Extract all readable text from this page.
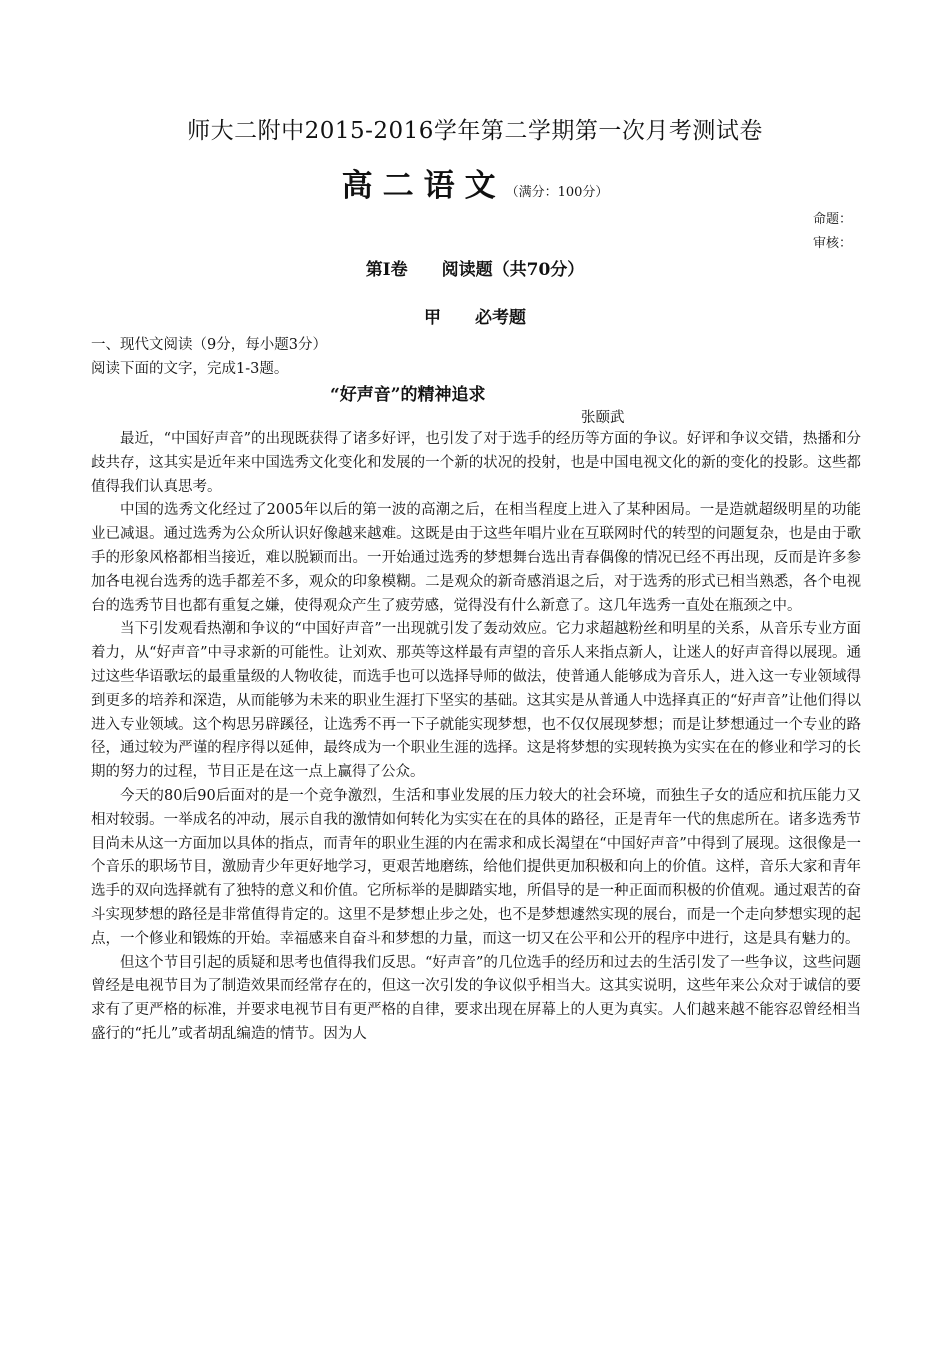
师大二附中2015-2016学年第二学期第一次月考测试卷
高二语文（满分：100分）
命题：
审核：
第Ⅰ卷　　阅读题（共70分）
甲　　必考题
一、现代文阅读（9分，每小题3分）
阅读下面的文字，完成1-3题。
“好声音”的精神追求
张颐武

最近，“中国好声音”的出现既获得了诸多好评，也引发了对于选手的经历等方面的争议。好评和争议交错，热播和分歧共存，这其实是近年来中国选秀文化变化和发展的一个新的状况的投射，也是中国电视文化的新的变化的投影。这些都值得我们认真思考。

中国的选秀文化经过了2005年以后的第一波的高潮之后，在相当程度上进入了某种困局。一是造就超级明星的功能业已减退。通过选秀为公众所认识好像越来越难。这既是由于这些年唱片业在互联网时代的转型的问题复杂，也是由于歌手的形象风格都相当接近，难以脱颖而出。一开始通过选秀的梦想舞台选出青春偶像的情况已经不再出现，反而是许多参加各电视台选秀的选手都差不多，观众的印象模糊。二是观众的新奇感消退之后，对于选秀的形式已相当熟悉，各个电视台的选秀节目也都有重复之嫌，使得观众产生了疲劳感，觉得没有什么新意了。这几年选秀一直处在瓶颈之中。

当下引发观看热潮和争议的“中国好声音”一出现就引发了轰动效应。它力求超越粉丝和明星的关系，从音乐专业方面着力，从“好声音”中寻求新的可能性。让刘欢、那英等这样最有声望的音乐人来指点新人，让迷人的好声音得以展现。通过这些华语歌坛的最重量级的人物收徒，而选手也可以选择导师的做法，使普通人能够成为音乐人，进入这一专业领域得到更多的培养和深造，从而能够为未来的职业生涯打下坚实的基础。这其实是从普通人中选择真正的“好声音”让他们得以进入专业领域。这个构思另辟蹊径，让选秀不再一下子就能实现梦想，也不仅仅展现梦想；而是让梦想通过一个专业的路径，通过较为严谨的程序得以延伸，最终成为一个职业生涯的选择。这是将梦想的实现转换为实实在在的修业和学习的长期的努力的过程，节目正是在这一点上赢得了公众。

今天的80后90后面对的是一个竞争激烈，生活和事业发展的压力较大的社会环境，而独生子女的适应和抗压能力又相对较弱。一举成名的冲动，展示自我的激情如何转化为实实在在的具体的路径，正是青年一代的焦虑所在。诸多选秀节目尚未从这一方面加以具体的指点，而青年的职业生涯的内在需求和成长渴望在“中国好声音”中得到了展现。这很像是一个音乐的职场节目，激励青少年更好地学习，更艰苦地磨练，给他们提供更加积极和向上的价值。这样，音乐大家和青年选手的双向选择就有了独特的意义和价值。它所标举的是脚踏实地，所倡导的是一种正面而积极的价值观。通过艰苦的奋斗实现梦想的路径是非常值得肯定的。这里不是梦想止步之处，也不是梦想遽然实现的展台，而是一个走向梦想实现的起点，一个修业和锻炼的开始。幸福感来自奋斗和梦想的力量，而这一切又在公平和公开的程序中进行，这是具有魅力的。

但这个节目引起的质疑和思考也值得我们反思。“好声音”的几位选手的经历和过去的生活引发了一些争议，这些问题曾经是电视节目为了制造效果而经常存在的，但这一次引发的争议似乎相当大。这其实说明，这些年来公众对于诚信的要求有了更严格的标准，并要求电视节目有更严格的自律，要求出现在屏幕上的人更为真实。人们越来越不能容忍曾经相当盛行的“托儿”或者胡乱编造的情节。因为人
